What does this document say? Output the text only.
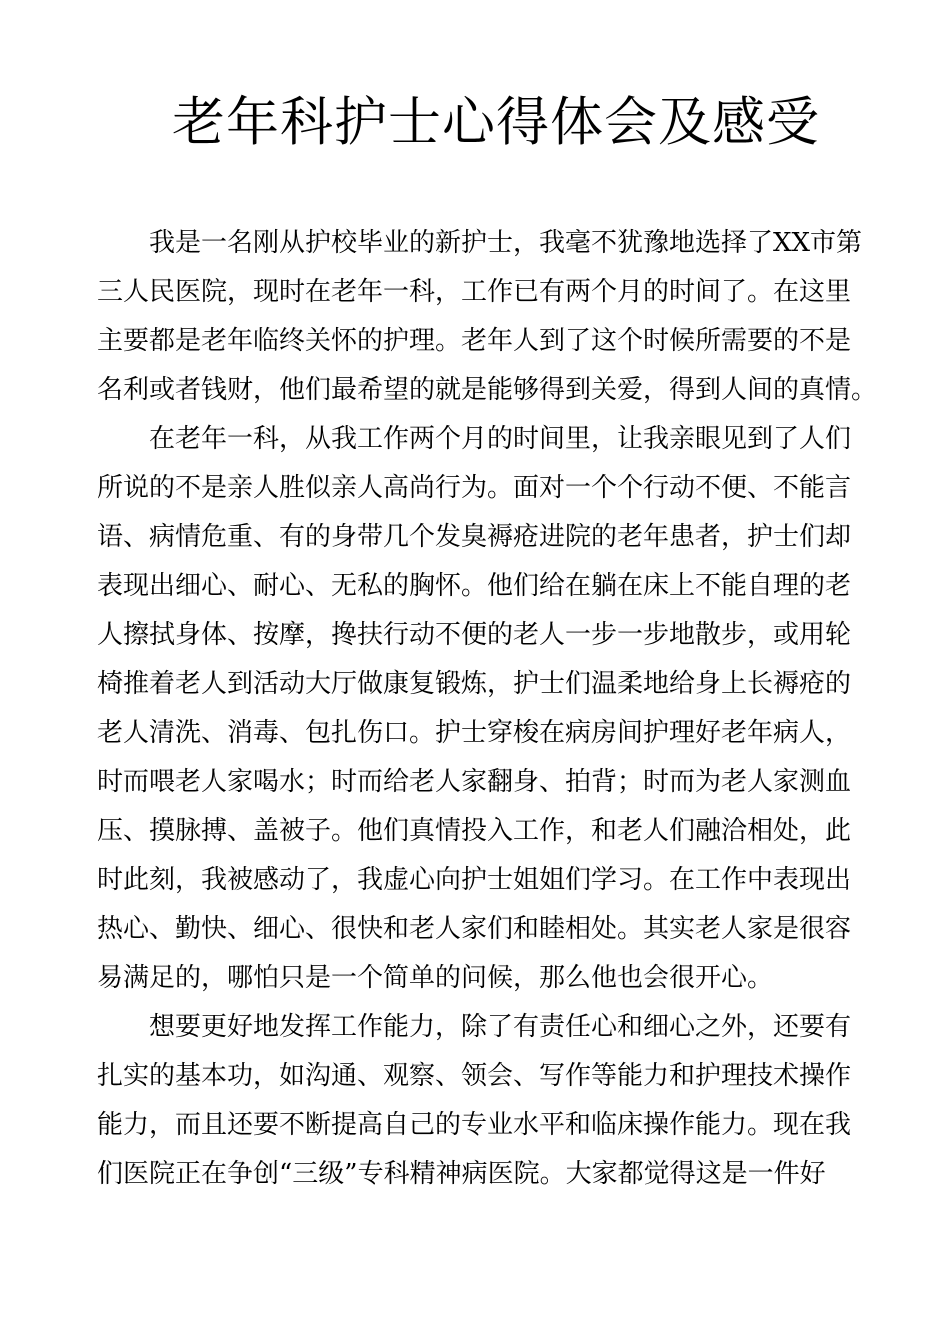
老年科护士心得体会及感受

我是一名刚从护校毕业的新护士，我毫不犹豫地选择了XX市第
三人民医院，现时在老年一科，工作已有两个月的时间了。在这里
主要都是老年临终关怀的护理。老年人到了这个时候所需要的不是
名利或者钱财，他们最希望的就是能够得到关爱，得到人间的真情。

在老年一科，从我工作两个月的时间里，让我亲眼见到了人们
所说的不是亲人胜似亲人高尚行为。面对一个个行动不便、不能言
语、病情危重、有的身带几个发臭褥疮进院的老年患者，护士们却
表现出细心、耐心、无私的胸怀。他们给在躺在床上不能自理的老
人擦拭身体、按摩，搀扶行动不便的老人一步一步地散步，或用轮
椅推着老人到活动大厅做康复锻炼，护士们温柔地给身上长褥疮的
老人清洗、消毒、包扎伤口。护士穿梭在病房间护理好老年病人，
时而喂老人家喝水；时而给老人家翻身、拍背；时而为老人家测血
压、摸脉搏、盖被子。他们真情投入工作，和老人们融洽相处，此
时此刻，我被感动了，我虚心向护士姐姐们学习。在工作中表现出
热心、勤快、细心、很快和老人家们和睦相处。其实老人家是很容
易满足的，哪怕只是一个简单的问候，那么他也会很开心。

想要更好地发挥工作能力，除了有责任心和细心之外，还要有
扎实的基本功，如沟通、观察、领会、写作等能力和护理技术操作
能力，而且还要不断提高自己的专业水平和临床操作能力。现在我
们医院正在争创“三级”专科精神病医院。大家都觉得这是一件好
